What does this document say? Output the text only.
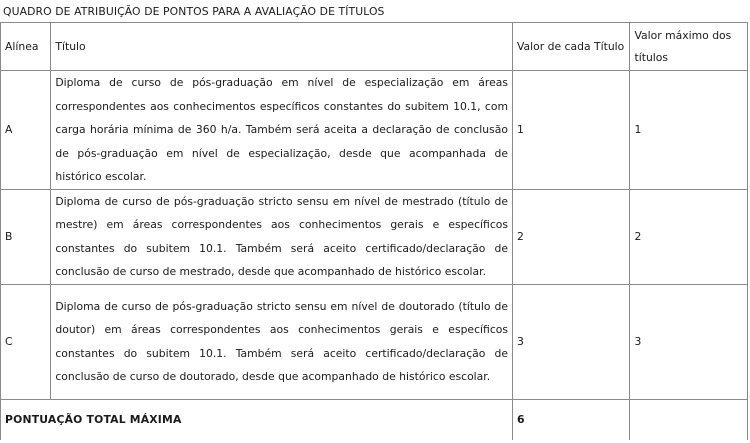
QUADRO DE ATRIBUIÇÃO DE PONTOS PARA A AVALIAÇÃO DE TÍTULOS
Alínea	Título	Valor de cada Título	Valor máximo dos títulos
A	Diploma de curso de pós-graduação em nível de especialização em áreas correspondentes aos conhecimentos específicos constantes do subitem 10.1, com carga horária mínima de 360 h/a. Também será aceita a declaração de conclusão de pós-graduação em nível de especialização, desde que acompanhada de histórico escolar.	1	1
B	Diploma de curso de pós-graduação stricto sensu em nível de mestrado (título de mestre) em áreas correspondentes aos conhecimentos gerais e específicos constantes do subitem 10.1. Também será aceito certificado/declaração de conclusão de curso de mestrado, desde que acompanhado de histórico escolar.	2	2
C	Diploma de curso de pós-graduação stricto sensu em nível de doutorado (título de doutor) em áreas correspondentes aos conhecimentos gerais e específicos constantes do subitem 10.1. Também será aceito certificado/declaração de conclusão de curso de doutorado, desde que acompanhado de histórico escolar.	3	3
PONTUAÇÃO TOTAL MÁXIMA		6	
